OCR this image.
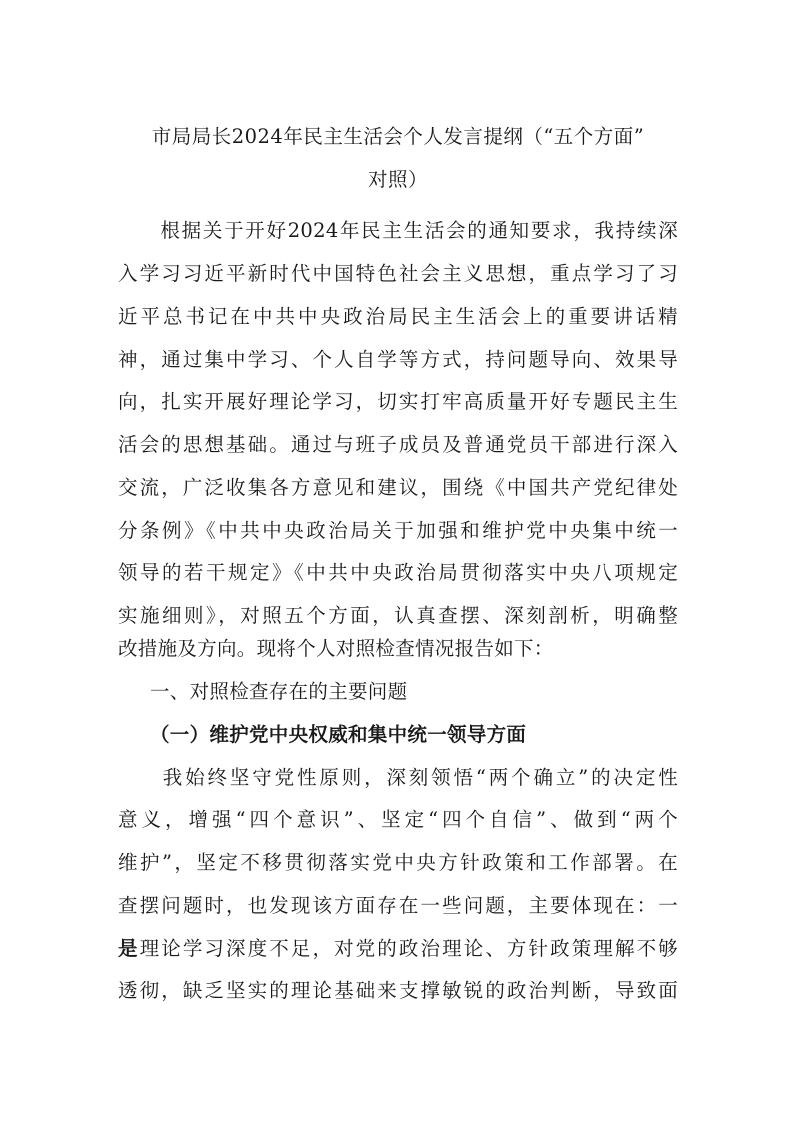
市局局长2024年民主生活会个人发言提纲（“五个方面”
对照）

　　根据关于开好2024年民主生活会的通知要求，我持续深

入学习习近平新时代中国特色社会主义思想，重点学习了习

近平总书记在中共中央政治局民主生活会上的重要讲话精

神，通过集中学习、个人自学等方式，持问题导向、效果导

向，扎实开展好理论学习，切实打牢高质量开好专题民主生

活会的思想基础。通过与班子成员及普通党员干部进行深入

交流，广泛收集各方意见和建议，围绕《中国共产党纪律处

分条例》《中共中央政治局关于加强和维护党中央集中统一

领导的若干规定》《中共中央政治局贯彻落实中央八项规定

实施细则》，对照五个方面，认真查摆、深刻剖析，明确整

改措施及方向。现将个人对照检查情况报告如下：

一、对照检查存在的主要问题

（一）维护党中央权威和集中统一领导方面

　　我始终坚守党性原则，深刻领悟“两个确立”的决定性

意义，增强“四个意识”、坚定“四个自信”、做到“两个

维护”，坚定不移贯彻落实党中央方针政策和工作部署。在

查摆问题时，也发现该方面存在一些问题，主要体现在：一

是理论学习深度不足，对党的政治理论、方针政策理解不够

透彻，缺乏坚实的理论基础来支撑敏锐的政治判断，导致面
